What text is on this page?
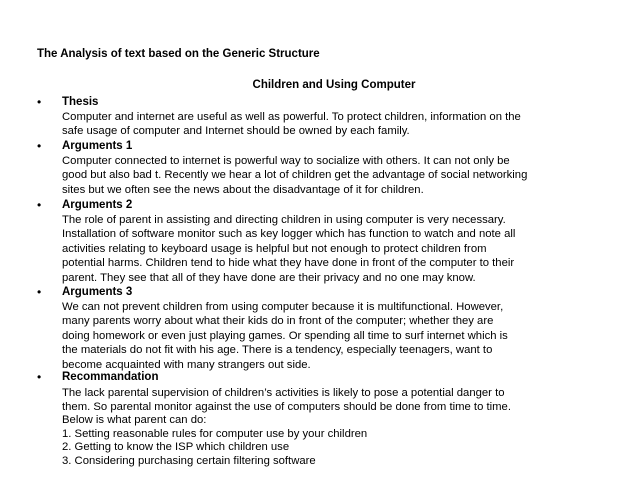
The Analysis of text based on the Generic Structure
Children and Using Computer
• Thesis
Computer and internet are useful as well as powerful. To protect children, information on the
safe usage of computer and Internet should be owned by each family.
• Arguments 1
Computer connected to internet is powerful way to socialize with others. It can not only be
good but also bad t. Recently we hear a lot of children get the advantage of social networking
sites but we often see the news about the disadvantage of it for children.
• Arguments 2
The role of parent in assisting and directing children in using computer is very necessary.
Installation of software monitor such as key logger which has function to watch and note all
activities relating to keyboard usage is helpful but not enough to protect children from
potential harms. Children tend to hide what they have done in front of the computer to their
parent. They see that all of they have done are their privacy and no one may know.
• Arguments 3
We can not prevent children from using computer because it is multifunctional. However,
many parents worry about what their kids do in front of the computer; whether they are
doing homework or even just playing games. Or spending all time to surf internet which is
the materials do not fit with his age. There is a tendency, especially teenagers, want to
become acquainted with many strangers out side.
• Recommandation
The lack parental supervision of children’s activities is likely to pose a potential danger to
them. So parental monitor against the use of computers should be done from time to time.
Below is what parent can do:
1. Setting reasonable rules for computer use by your children
2. Getting to know the ISP which children use
3. Considering purchasing certain filtering software
